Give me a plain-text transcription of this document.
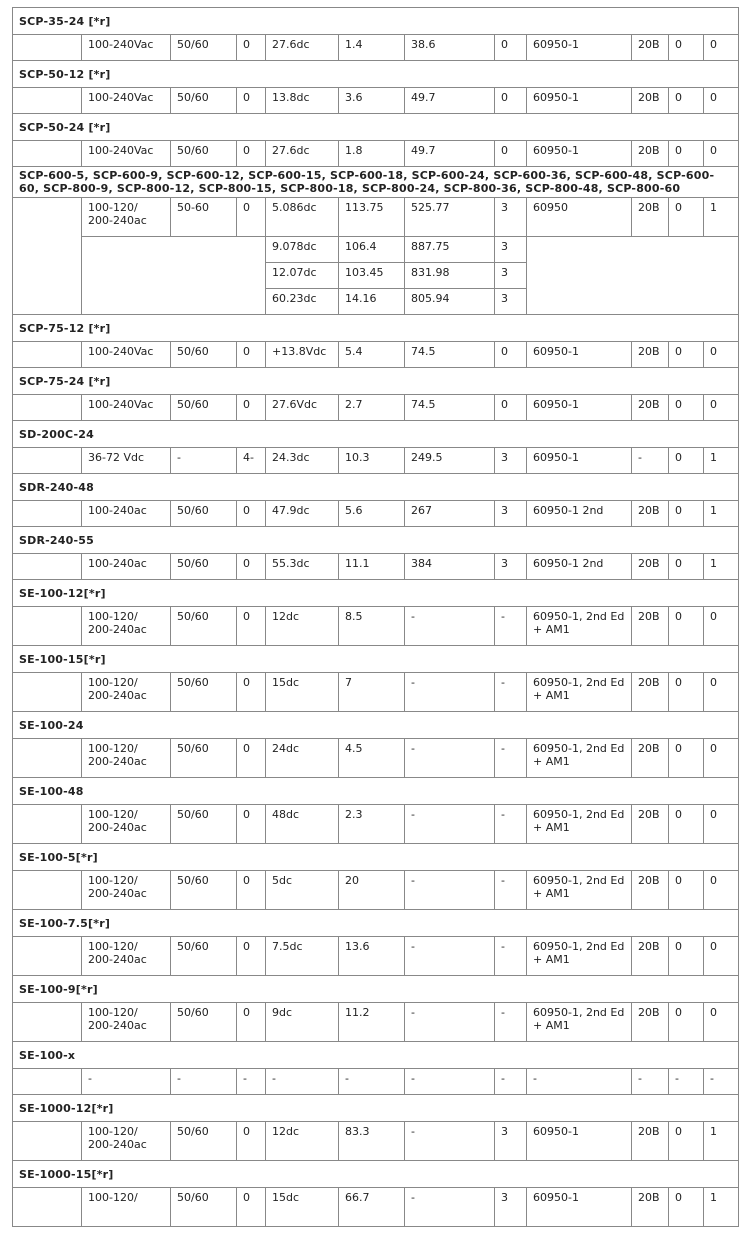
SCP-35-24 [*r]											
	100-240Vac	50/60	0	27.6dc	1.4	38.6	0	60950-1	20B	0	0
SCP-50-12 [*r]											
	100-240Vac	50/60	0	13.8dc	3.6	49.7	0	60950-1	20B	0	0
SCP-50-24 [*r]											
	100-240Vac	50/60	0	27.6dc	1.8	49.7	0	60950-1	20B	0	0
SCP-600-5, SCP-600-9, SCP-600-12, SCP-600-15, SCP-600-18, SCP-600-24, SCP-600-36, SCP-600-48, SCP-600-60, SCP-800-9, SCP-800-12, SCP-800-15, SCP-800-18, SCP-800-24, SCP-800-36, SCP-800-48, SCP-800-60											
	100-120/ 200-240ac	50-60	0	5.086dc	113.75	525.77	3	60950	20B	0	1
				9.078dc	106.4	887.75	3				
				12.07dc	103.45	831.98	3				
				60.23dc	14.16	805.94	3				
SCP-75-12 [*r]											
	100-240Vac	50/60	0	+13.8Vdc	5.4	74.5	0	60950-1	20B	0	0
SCP-75-24 [*r]											
	100-240Vac	50/60	0	27.6Vdc	2.7	74.5	0	60950-1	20B	0	0
SD-200C-24											
	36-72 Vdc	-	4-	24.3dc	10.3	249.5	3	60950-1	-	0	1
SDR-240-48											
	100-240ac	50/60	0	47.9dc	5.6	267	3	60950-1 2nd	20B	0	1
SDR-240-55											
	100-240ac	50/60	0	55.3dc	11.1	384	3	60950-1 2nd	20B	0	1
SE-100-12[*r]											
	100-120/ 200-240ac	50/60	0	12dc	8.5	-	-	60950-1, 2nd Ed + AM1	20B	0	0
SE-100-15[*r]											
	100-120/ 200-240ac	50/60	0	15dc	7	-	-	60950-1, 2nd Ed + AM1	20B	0	0
SE-100-24											
	100-120/ 200-240ac	50/60	0	24dc	4.5	-	-	60950-1, 2nd Ed + AM1	20B	0	0
SE-100-48											
	100-120/ 200-240ac	50/60	0	48dc	2.3	-	-	60950-1, 2nd Ed + AM1	20B	0	0
SE-100-5[*r]											
	100-120/ 200-240ac	50/60	0	5dc	20	-	-	60950-1, 2nd Ed + AM1	20B	0	0
SE-100-7.5[*r]											
	100-120/ 200-240ac	50/60	0	7.5dc	13.6	-	-	60950-1, 2nd Ed + AM1	20B	0	0
SE-100-9[*r]											
	100-120/ 200-240ac	50/60	0	9dc	11.2	-	-	60950-1, 2nd Ed + AM1	20B	0	0
SE-100-x											
	-	-	-	-	-	-	-	-	-	-	-
SE-1000-12[*r]											
	100-120/ 200-240ac	50/60	0	12dc	83.3	-	3	60950-1	20B	0	1
SE-1000-15[*r]											
	100-120/	50/60	0	15dc	66.7	-	3	60950-1	20B	0	1
